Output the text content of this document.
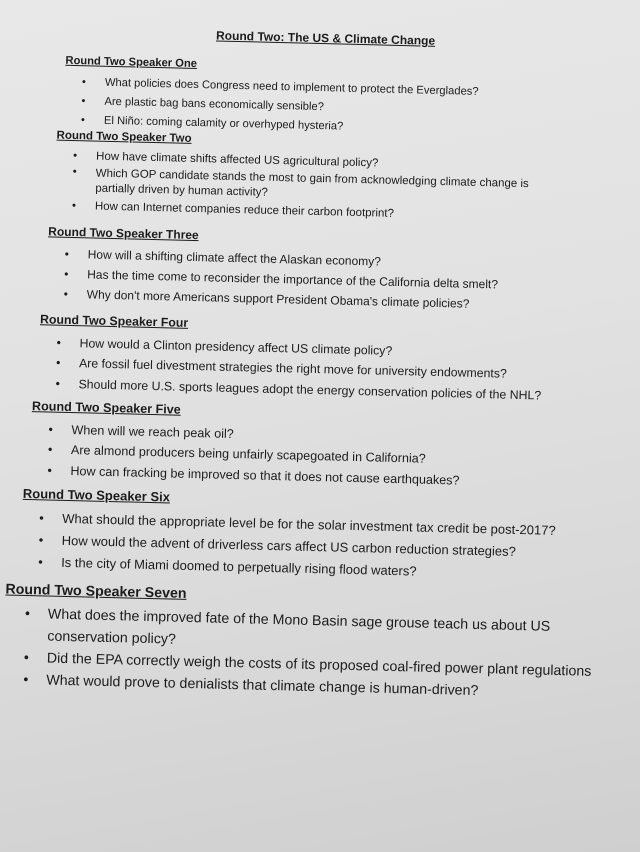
Round Two: The US & Climate Change
Round Two Speaker One
• What policies does Congress need to implement to protect the Everglades?
• Are plastic bag bans economically sensible?
• El Niño: coming calamity or overhyped hysteria?
Round Two Speaker Two
• How have climate shifts affected US agricultural policy?
• Which GOP candidate stands the most to gain from acknowledging climate change is partially driven by human activity?
• How can Internet companies reduce their carbon footprint?
Round Two Speaker Three
• How will a shifting climate affect the Alaskan economy?
• Has the time come to reconsider the importance of the California delta smelt?
• Why don't more Americans support President Obama's climate policies?
Round Two Speaker Four
• How would a Clinton presidency affect US climate policy?
• Are fossil fuel divestment strategies the right move for university endowments?
• Should more U.S. sports leagues adopt the energy conservation policies of the NHL?
Round Two Speaker Five
• When will we reach peak oil?
• Are almond producers being unfairly scapegoated in California?
• How can fracking be improved so that it does not cause earthquakes?
Round Two Speaker Six
• What should the appropriate level be for the solar investment tax credit be post-2017?
• How would the advent of driverless cars affect US carbon reduction strategies?
• Is the city of Miami doomed to perpetually rising flood waters?
Round Two Speaker Seven
• What does the improved fate of the Mono Basin sage grouse teach us about US conservation policy?
• Did the EPA correctly weigh the costs of its proposed coal-fired power plant regulations
• What would prove to denialists that climate change is human-driven?
